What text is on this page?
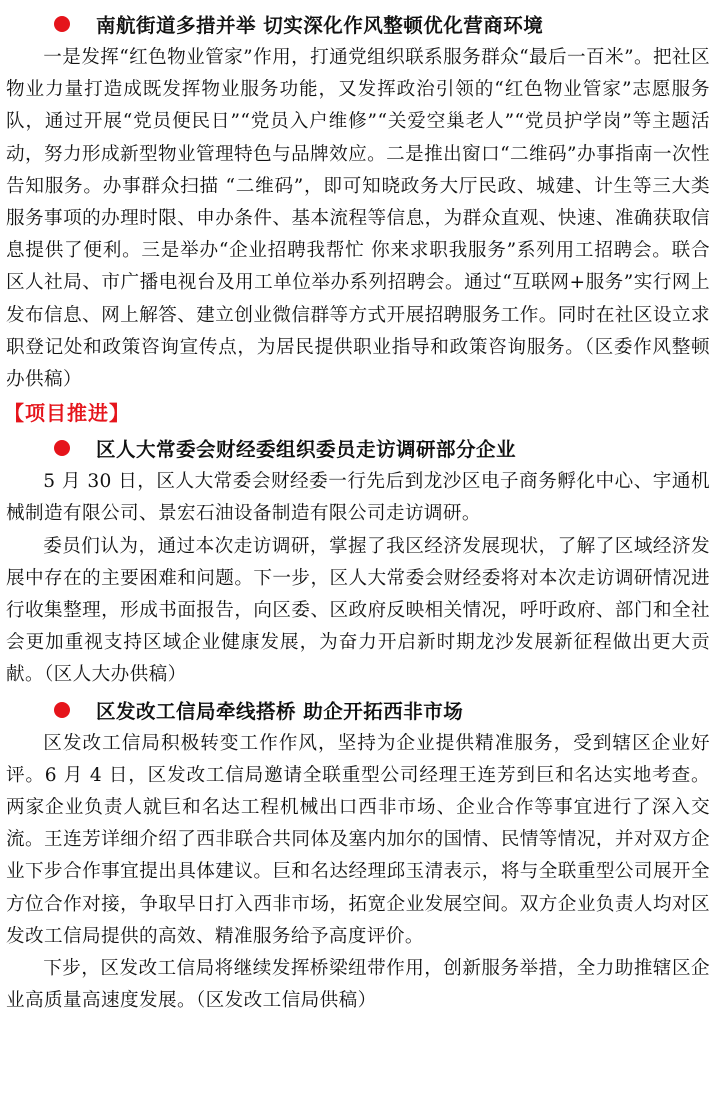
南航街道多措并举 切实深化作风整顿优化营商环境

一是发挥“红色物业管家”作用，打通党组织联系服务群众“最后一百米”。把社区物业力量打造成既发挥物业服务功能，又发挥政治引领的“红色物业管家”志愿服务队，通过开展“党员便民日”“党员入户维修”“关爱空巢老人”“党员护学岗”等主题活动，努力形成新型物业管理特色与品牌效应。二是推出窗口“二维码”办事指南一次性告知服务。办事群众扫描 “二维码”，即可知晓政务大厅民政、城建、计生等三大类服务事项的办理时限、申办条件、基本流程等信息，为群众直观、快速、准确获取信息提供了便利。三是举办“企业招聘我帮忙 你来求职我服务”系列用工招聘会。联合区人社局、市广播电视台及用工单位举办系列招聘会。通过“互联网+服务”实行网上发布信息、网上解答、建立创业微信群等方式开展招聘服务工作。同时在社区设立求职登记处和政策咨询宣传点，为居民提供职业指导和政策咨询服务。（区委作风整顿办供稿）

【项目推进】
区人大常委会财经委组织委员走访调研部分企业

5 月 30 日，区人大常委会财经委一行先后到龙沙区电子商务孵化中心、宇通机械制造有限公司、景宏石油设备制造有限公司走访调研。

委员们认为，通过本次走访调研，掌握了我区经济发展现状，了解了区域经济发展中存在的主要困难和问题。下一步，区人大常委会财经委将对本次走访调研情况进行收集整理，形成书面报告，向区委、区政府反映相关情况，呼吁政府、部门和全社会更加重视支持区域企业健康发展，为奋力开启新时期龙沙发展新征程做出更大贡献。（区人大办供稿）

区发改工信局牵线搭桥 助企开拓西非市场

区发改工信局积极转变工作作风，坚持为企业提供精准服务，受到辖区企业好评。6 月 4 日，区发改工信局邀请全联重型公司经理王连芳到巨和名达实地考查。两家企业负责人就巨和名达工程机械出口西非市场、企业合作等事宜进行了深入交流。王连芳详细介绍了西非联合共同体及塞内加尔的国情、民情等情况，并对双方企业下步合作事宜提出具体建议。巨和名达经理邱玉清表示，将与全联重型公司展开全方位合作对接，争取早日打入西非市场，拓宽企业发展空间。双方企业负责人均对区发改工信局提供的高效、精准服务给予高度评价。

下步，区发改工信局将继续发挥桥梁纽带作用，创新服务举措，全力助推辖区企业高质量高速度发展。（区发改工信局供稿）
